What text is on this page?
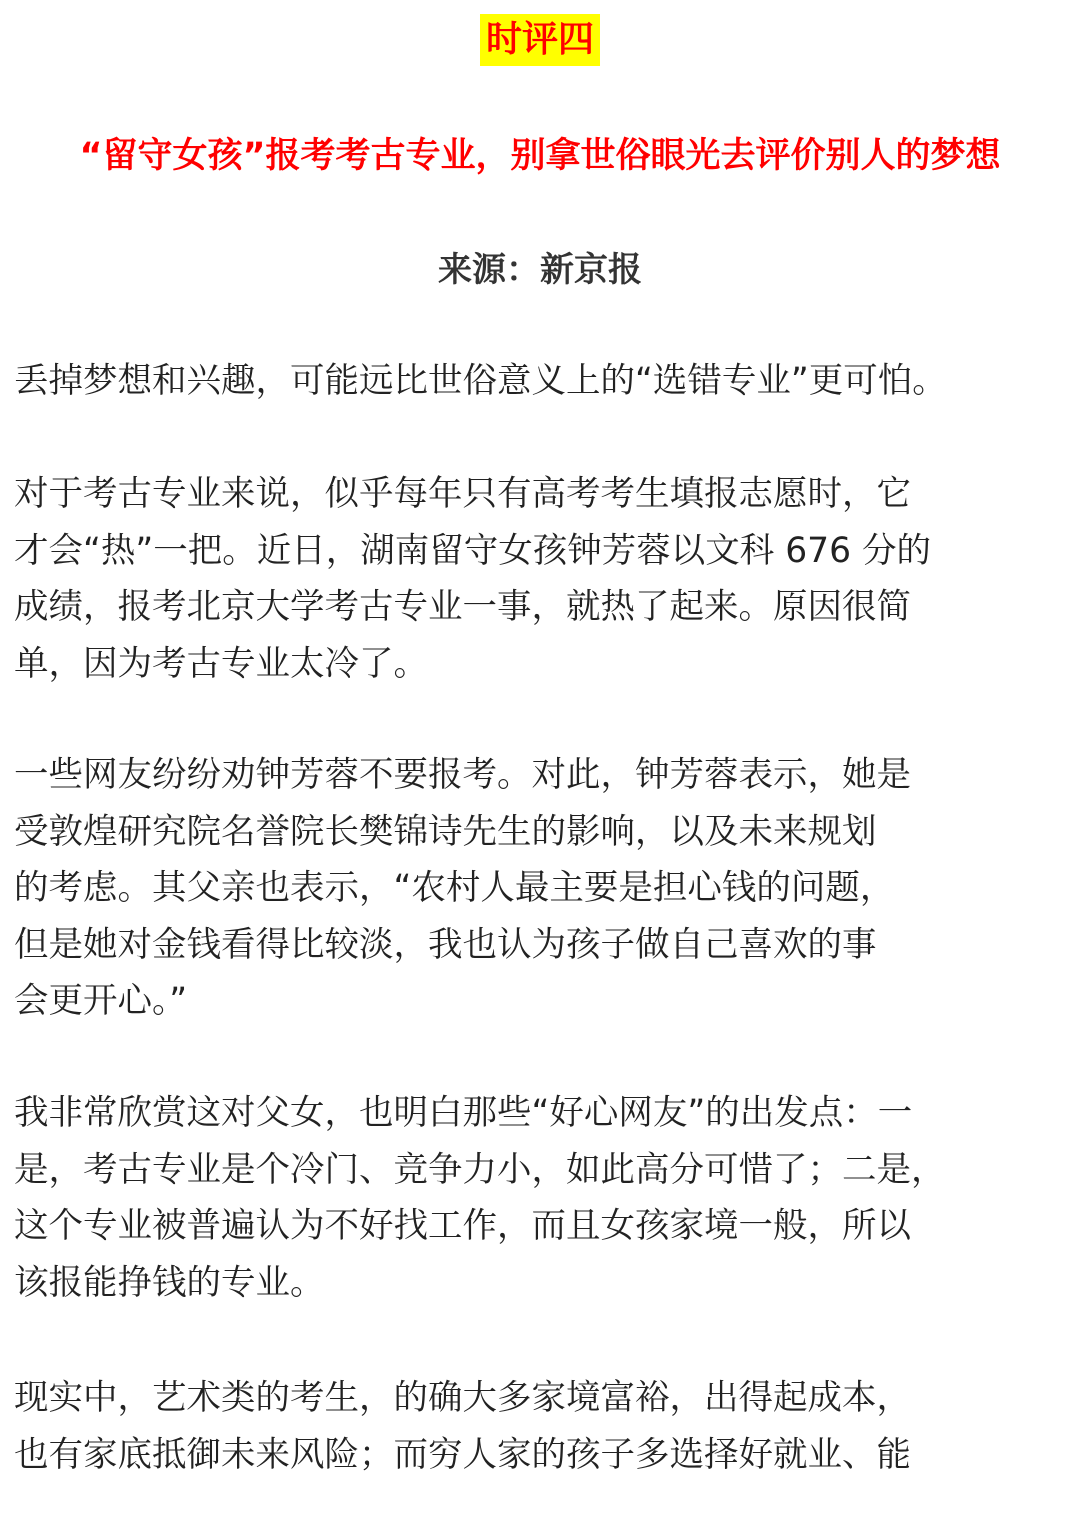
时评四
“留守女孩”报考考古专业，别拿世俗眼光去评价别人的梦想
来源：新京报

丢掉梦想和兴趣，可能远比世俗意义上的“选错专业”更可怕。

对于考古专业来说，似乎每年只有高考考生填报志愿时，它
才会“热”一把。近日，湖南留守女孩钟芳蓉以文科 676 分的
成绩，报考北京大学考古专业一事，就热了起来。原因很简
单，因为考古专业太冷了。

一些网友纷纷劝钟芳蓉不要报考。对此，钟芳蓉表示，她是
受敦煌研究院名誉院长樊锦诗先生的影响，以及未来规划
的考虑。其父亲也表示，“农村人最主要是担心钱的问题，
但是她对金钱看得比较淡，我也认为孩子做自己喜欢的事
会更开心。”

我非常欣赏这对父女，也明白那些“好心网友”的出发点：一
是，考古专业是个冷门、竞争力小，如此高分可惜了；二是，
这个专业被普遍认为不好找工作，而且女孩家境一般，所以
该报能挣钱的专业。

现实中，艺术类的考生，的确大多家境富裕，出得起成本，
也有家底抵御未来风险；而穷人家的孩子多选择好就业、能
